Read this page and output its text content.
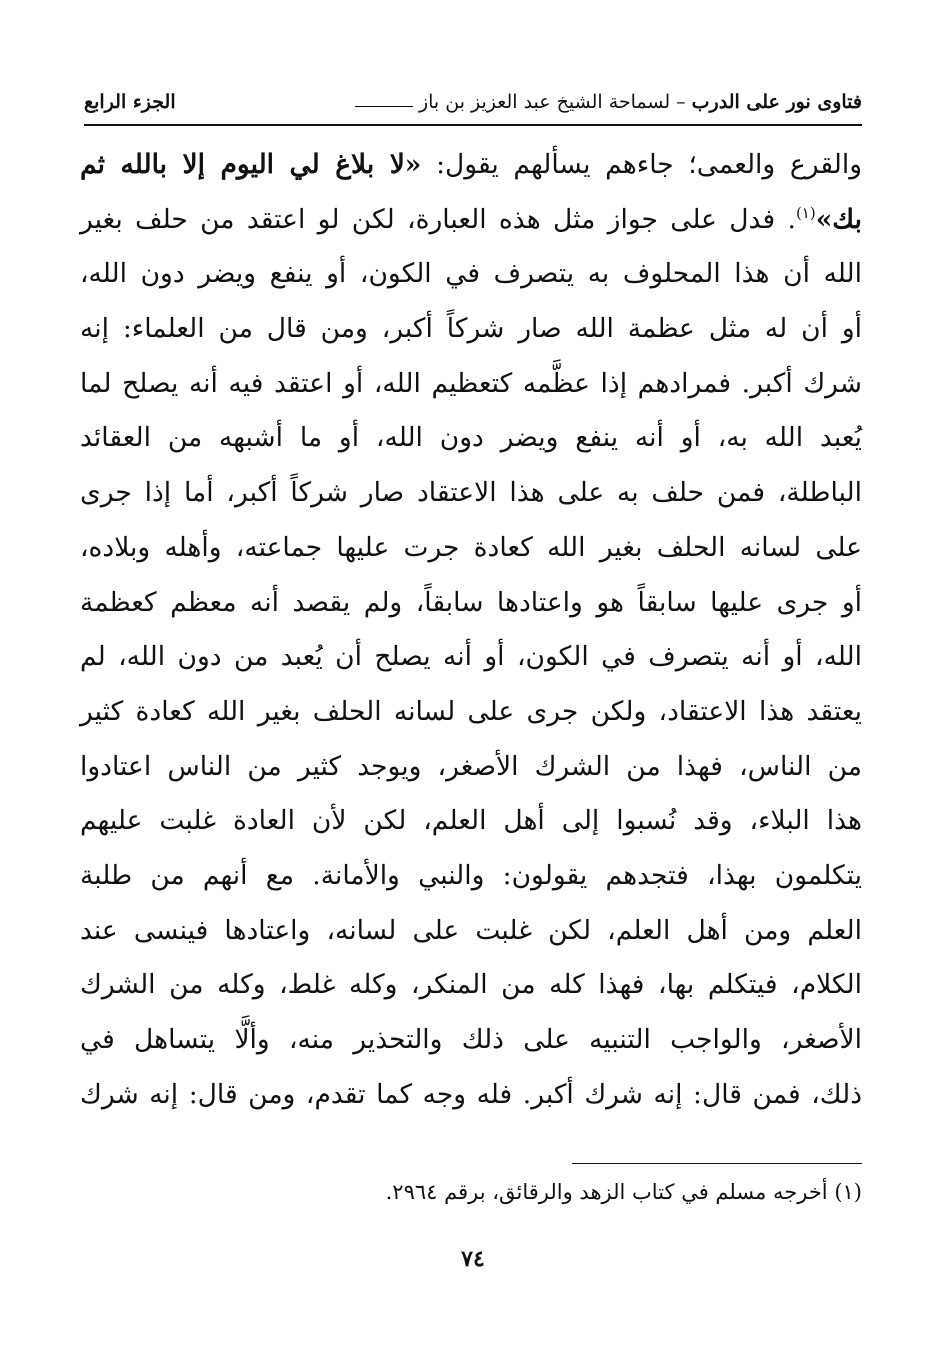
فتاوى نور على الدرب
–
لسماحة الشيخ عبد العزيز بن باز
الجزء الرابع
والقرع والعمى؛ جاءهم يسألهم يقول: «لا بلاغ لي اليوم إلا بالله ثم
بك»$^{(١)}$. فدل على جواز مثل هذه العبارة، لكن لو اعتقد من حلف بغير
الله أن هذا المحلوف به يتصرف في الكون، أو ينفع ويضر دون الله،
أو أن له مثل عظمة الله صار شركاً أكبر، ومن قال من العلماء: إنه
شرك أكبر. فمرادهم إذا عظَّمه كتعظيم الله، أو اعتقد فيه أنه يصلح لما
يُعبد الله به، أو أنه ينفع ويضر دون الله، أو ما أشبهه من العقائد
الباطلة، فمن حلف به على هذا الاعتقاد صار شركاً أكبر، أما إذا جرى
على لسانه الحلف بغير الله كعادة جرت عليها جماعته، وأهله وبلاده،
أو جرى عليها سابقاً هو واعتادها سابقاً، ولم يقصد أنه معظم كعظمة
الله، أو أنه يتصرف في الكون، أو أنه يصلح أن يُعبد من دون الله، لم
يعتقد هذا الاعتقاد، ولكن جرى على لسانه الحلف بغير الله كعادة كثير
من الناس، فهذا من الشرك الأصغر، ويوجد كثير من الناس اعتادوا
هذا البلاء، وقد نُسبوا إلى أهل العلم، لكن لأن العادة غلبت عليهم
يتكلمون بهذا، فتجدهم يقولون: والنبي والأمانة. مع أنهم من طلبة
العلم ومن أهل العلم، لكن غلبت على لسانه، واعتادها فينسى عند
الكلام، فيتكلم بها، فهذا كله من المنكر، وكله غلط، وكله من الشرك
الأصغر، والواجب التنبيه على ذلك والتحذير منه، وألَّا يتساهل في
ذلك، فمن قال: إنه شرك أكبر. فله وجه كما تقدم، ومن قال: إنه شرك
(١) أخرجه مسلم في كتاب الزهد والرقائق، برقم ٢٩٦٤.
٧٤
